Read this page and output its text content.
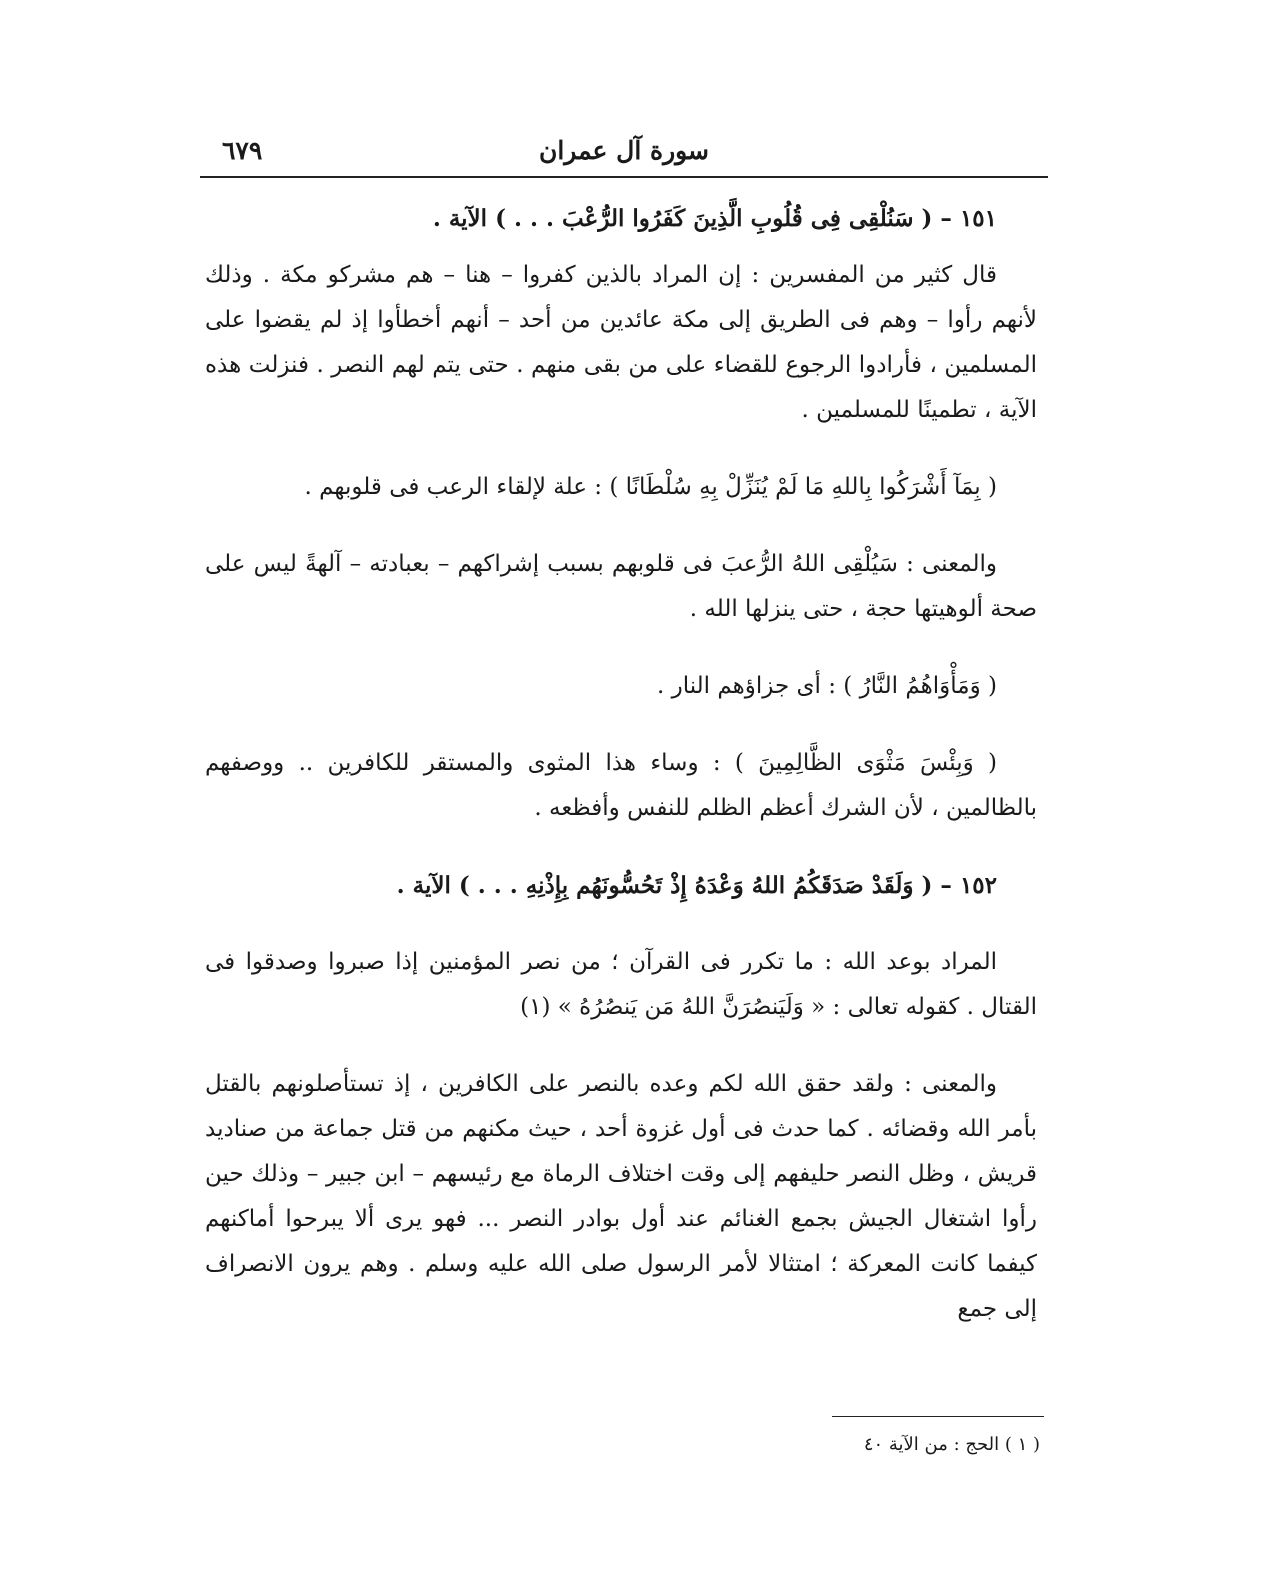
سورة آل عمران
٦٧٩

١٥١ – ( سَنُلْقِى فِى قُلُوبِ الَّذِينَ كَفَرُوا الرُّعْبَ . . . ) الآية .

قال كثير من المفسرين : إن المراد بالذين كفروا – هنا – هم مشركو مكة . وذلك لأنهم رأوا – وهم فى الطريق إلى مكة عائدين من أحد – أنهم أخطأوا إذ لم يقضوا على المسلمين ، فأرادوا الرجوع للقضاء على من بقى منهم . حتى يتم لهم النصر . فنزلت هذه الآية ، تطمينًا للمسلمين .

( بِمَآ أَشْرَكُوا بِاللهِ مَا لَمْ يُنَزِّلْ بِهِ سُلْطَانًا ) : علة لإلقاء الرعب فى قلوبهم .

والمعنى : سَيُلْقِى اللهُ الرُّعبَ فى قلوبهم بسبب إشراكهم – بعبادته – آلهةً ليس على صحة ألوهيتها حجة ، حتى ينزلها الله .

( وَمَأْوَاهُمُ النَّارُ ) : أى جزاؤهم النار .

( وَبِئْسَ مَثْوَى الظَّالِمِينَ ) : وساء هذا المثوى والمستقر للكافرين .. ووصفهم بالظالمين ، لأن الشرك أعظم الظلم للنفس وأفظعه .

١٥٢ – ( وَلَقَدْ صَدَقَكُمُ اللهُ وَعْدَهُ إِذْ تَحُسُّونَهُم بِإِذْنِهِ . . . ) الآية .

المراد بوعد الله : ما تكرر فى القرآن ؛ من نصر المؤمنين إذا صبروا وصدقوا فى القتال . كقوله تعالى : « وَلَيَنصُرَنَّ اللهُ مَن يَنصُرُهُ » (١)

والمعنى : ولقد حقق الله لكم وعده بالنصر على الكافرين ، إذ تستأصلونهم بالقتل بأمر الله وقضائه . كما حدث فى أول غزوة أحد ، حيث مكنهم من قتل جماعة من صناديد قريش ، وظل النصر حليفهم إلى وقت اختلاف الرماة مع رئيسهم – ابن جبير – وذلك حين رأوا اشتغال الجيش بجمع الغنائم عند أول بوادر النصر ... فهو يرى ألا يبرحوا أماكنهم كيفما كانت المعركة ؛ امتثالا لأمر الرسول صلى الله عليه وسلم . وهم يرون الانصراف إلى جمع

( ١ ) الحج : من الآية ٤٠
